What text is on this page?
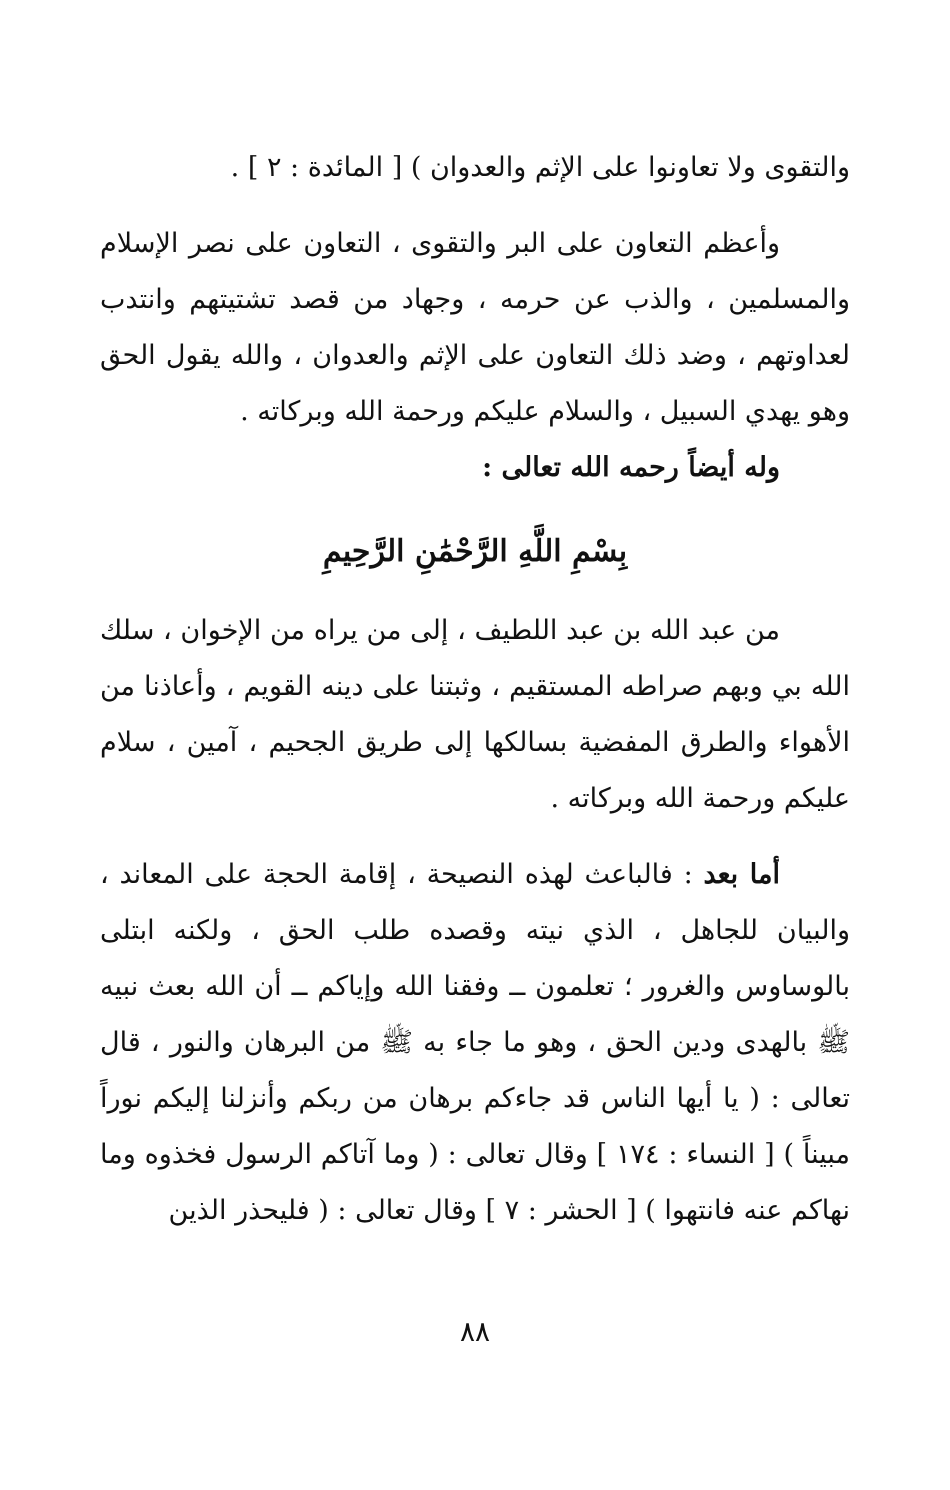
والتقوى ولا تعاونوا على الإثم والعدوان ) [ المائدة : ٢ ] .

وأعظم التعاون على البر والتقوى ، التعاون على نصر الإسلام والمسلمين ، والذب عن حرمه ، وجهاد من قصد تشتيتهم وانتدب لعداوتهم ، وضد ذلك التعاون على الإثم والعدوان ، والله يقول الحق وهو يهدي السبيل ، والسلام عليكم ورحمة الله وبركاته .

وله أيضاً رحمه الله تعالى :

بِسْمِ اللَّهِ الرَّحْمَٰنِ الرَّحِيمِ

من عبد الله بن عبد اللطيف ، إلى من يراه من الإخوان ، سلك الله بي وبهم صراطه المستقيم ، وثبتنا على دينه القويم ، وأعاذنا من الأهواء والطرق المفضية بسالكها إلى طريق الجحيم ، آمين ، سلام عليكم ورحمة الله وبركاته .

أما بعد : فالباعث لهذه النصيحة ، إقامة الحجة على المعاند ، والبيان للجاهل ، الذي نيته وقصده طلب الحق ، ولكنه ابتلى بالوساوس والغرور ؛ تعلمون ــ وفقنا الله وإياكم ــ أن الله بعث نبيه ﷺ بالهدى ودين الحق ، وهو ما جاء به ﷺ من البرهان والنور ، قال تعالى : ( يا أيها الناس قد جاءكم برهان من ربكم وأنزلنا إليكم نوراً مبيناً ) [ النساء : ١٧٤ ] وقال تعالى : ( وما آتاكم الرسول فخذوه وما نهاكم عنه فانتهوا ) [ الحشر : ٧ ] وقال تعالى : ( فليحذر الذين

٨٨
